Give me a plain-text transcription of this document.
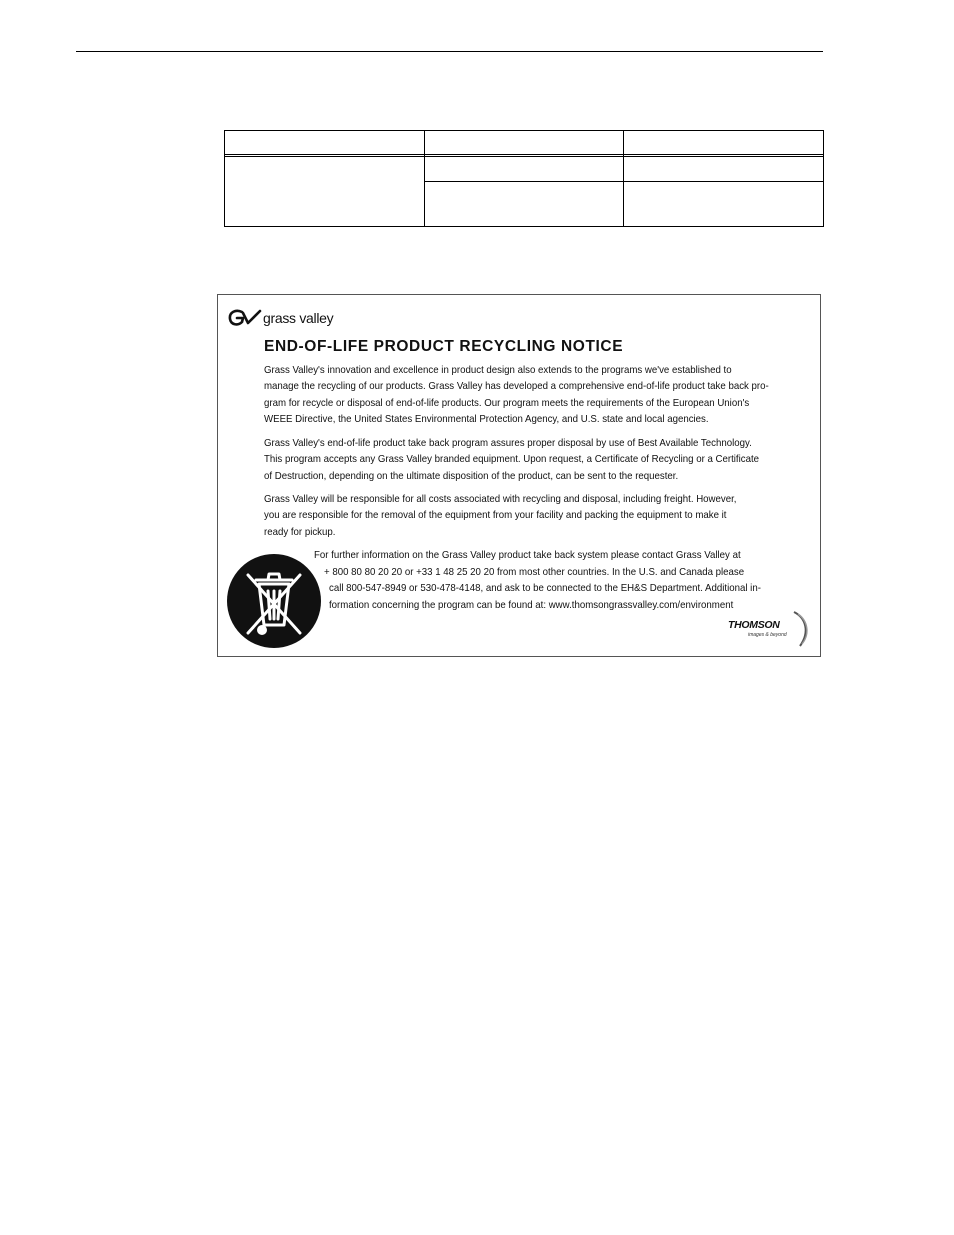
grass valley
END-OF-LIFE PRODUCT RECYCLING NOTICE

Grass Valley's innovation and excellence in product design also extends to the programs we've established to
manage the recycling of our products. Grass Valley has developed a comprehensive end-of-life product take back pro-
gram for recycle or disposal of end-of-life products. Our program meets the requirements of the European Union's
WEEE Directive, the United States Environmental Protection Agency, and U.S. state and local agencies.

Grass Valley's end-of-life product take back program assures proper disposal by use of Best Available Technology.
This program accepts any Grass Valley branded equipment. Upon request, a Certificate of Recycling or a Certificate
of Destruction, depending on the ultimate disposition of the product, can be sent to the requester.

Grass Valley will be responsible for all costs associated with recycling and disposal, including freight. However,
you are responsible for the removal of the equipment from your facility and packing the equipment to make it
ready for pickup.

For further information on the Grass Valley product take back system please contact Grass Valley at
+ 800 80 80 20 20 or +33 1 48 25 20 20 from most other countries. In the U.S. and Canada please
call 800-547-8949 or 530-478-4148, and ask to be connected to the EH&S Department. Additional in-
formation concerning the program can be found at: www.thomsongrassvalley.com/environment
THOMSON
images & beyond
